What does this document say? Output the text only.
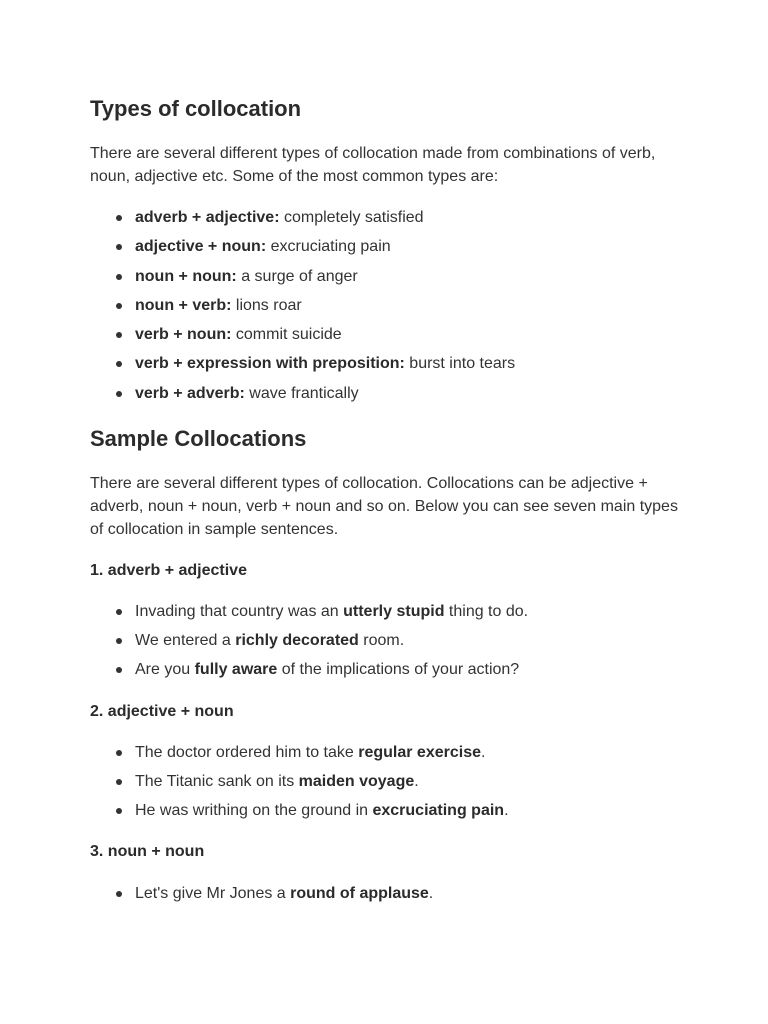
Types of collocation

There are several different types of collocation made from combinations of verb, noun, adjective etc. Some of the most common types are:

adverb + adjective: completely satisfied
adjective + noun: excruciating pain
noun + noun: a surge of anger
noun + verb: lions roar
verb + noun: commit suicide
verb + expression with preposition: burst into tears
verb + adverb: wave frantically
Sample Collocations

There are several different types of collocation. Collocations can be adjective + adverb, noun + noun, verb + noun and so on. Below you can see seven main types of collocation in sample sentences.

1. adverb + adjective
Invading that country was an utterly stupid thing to do.
We entered a richly decorated room.
Are you fully aware of the implications of your action?
2. adjective + noun
The doctor ordered him to take regular exercise.
The Titanic sank on its maiden voyage.
He was writhing on the ground in excruciating pain.
3. noun + noun
Let's give Mr Jones a round of applause.
